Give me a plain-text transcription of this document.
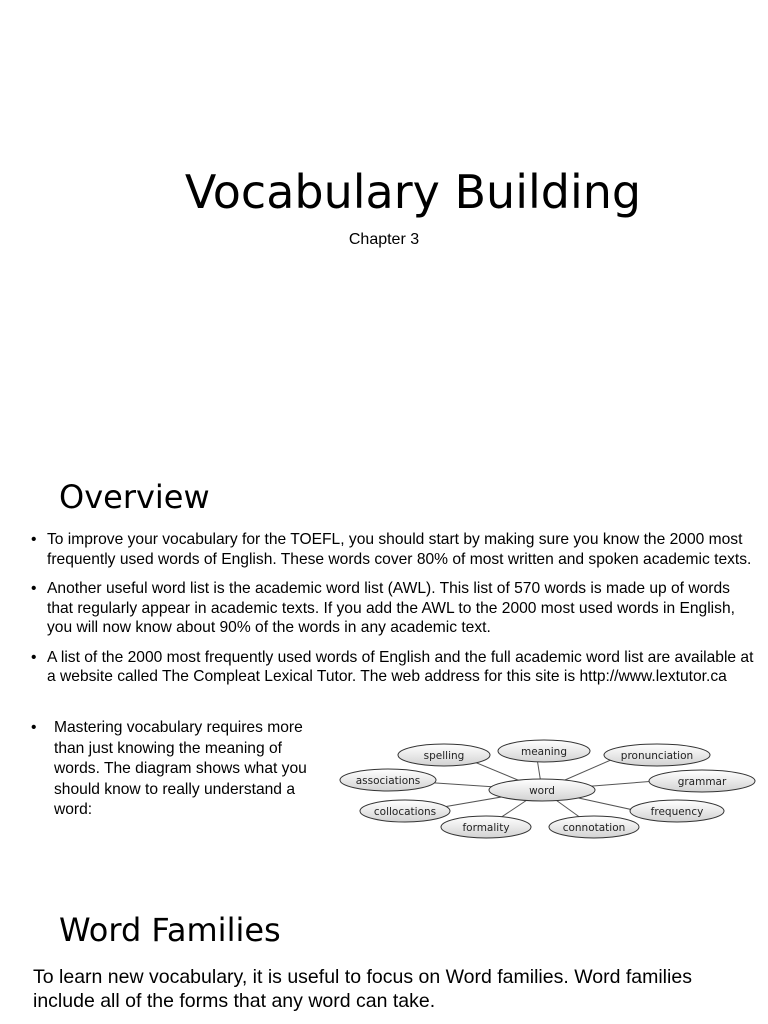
Vocabulary Building
Chapter 3
Overview
• To improve your vocabulary for the TOEFL, you should start by making sure you know the 2000 most frequently used words of English. These words cover 80% of most written and spoken academic texts.
• Another useful word list is the academic word list (AWL). This list of 570 words is made up of words that regularly appear in academic texts. If you add the AWL to the 2000 most used words in English, you will now know about 90% of the words in any academic text.
• A list of the 2000 most frequently used words of English and the full academic word list are available at a website called The Compleat Lexical Tutor. The web address for this site is http://www.lextutor.ca
•	Mastering vocabulary requires more than just knowing the meaning of words. The diagram shows what you should know to really understand a word:
spelling	meaning	pronunciation
associations
word
grammar
collocations	frequency
formality	connotation
Word Families
To learn new vocabulary, it is useful to focus on Word families. Word families include all of the forms that any word can take.
